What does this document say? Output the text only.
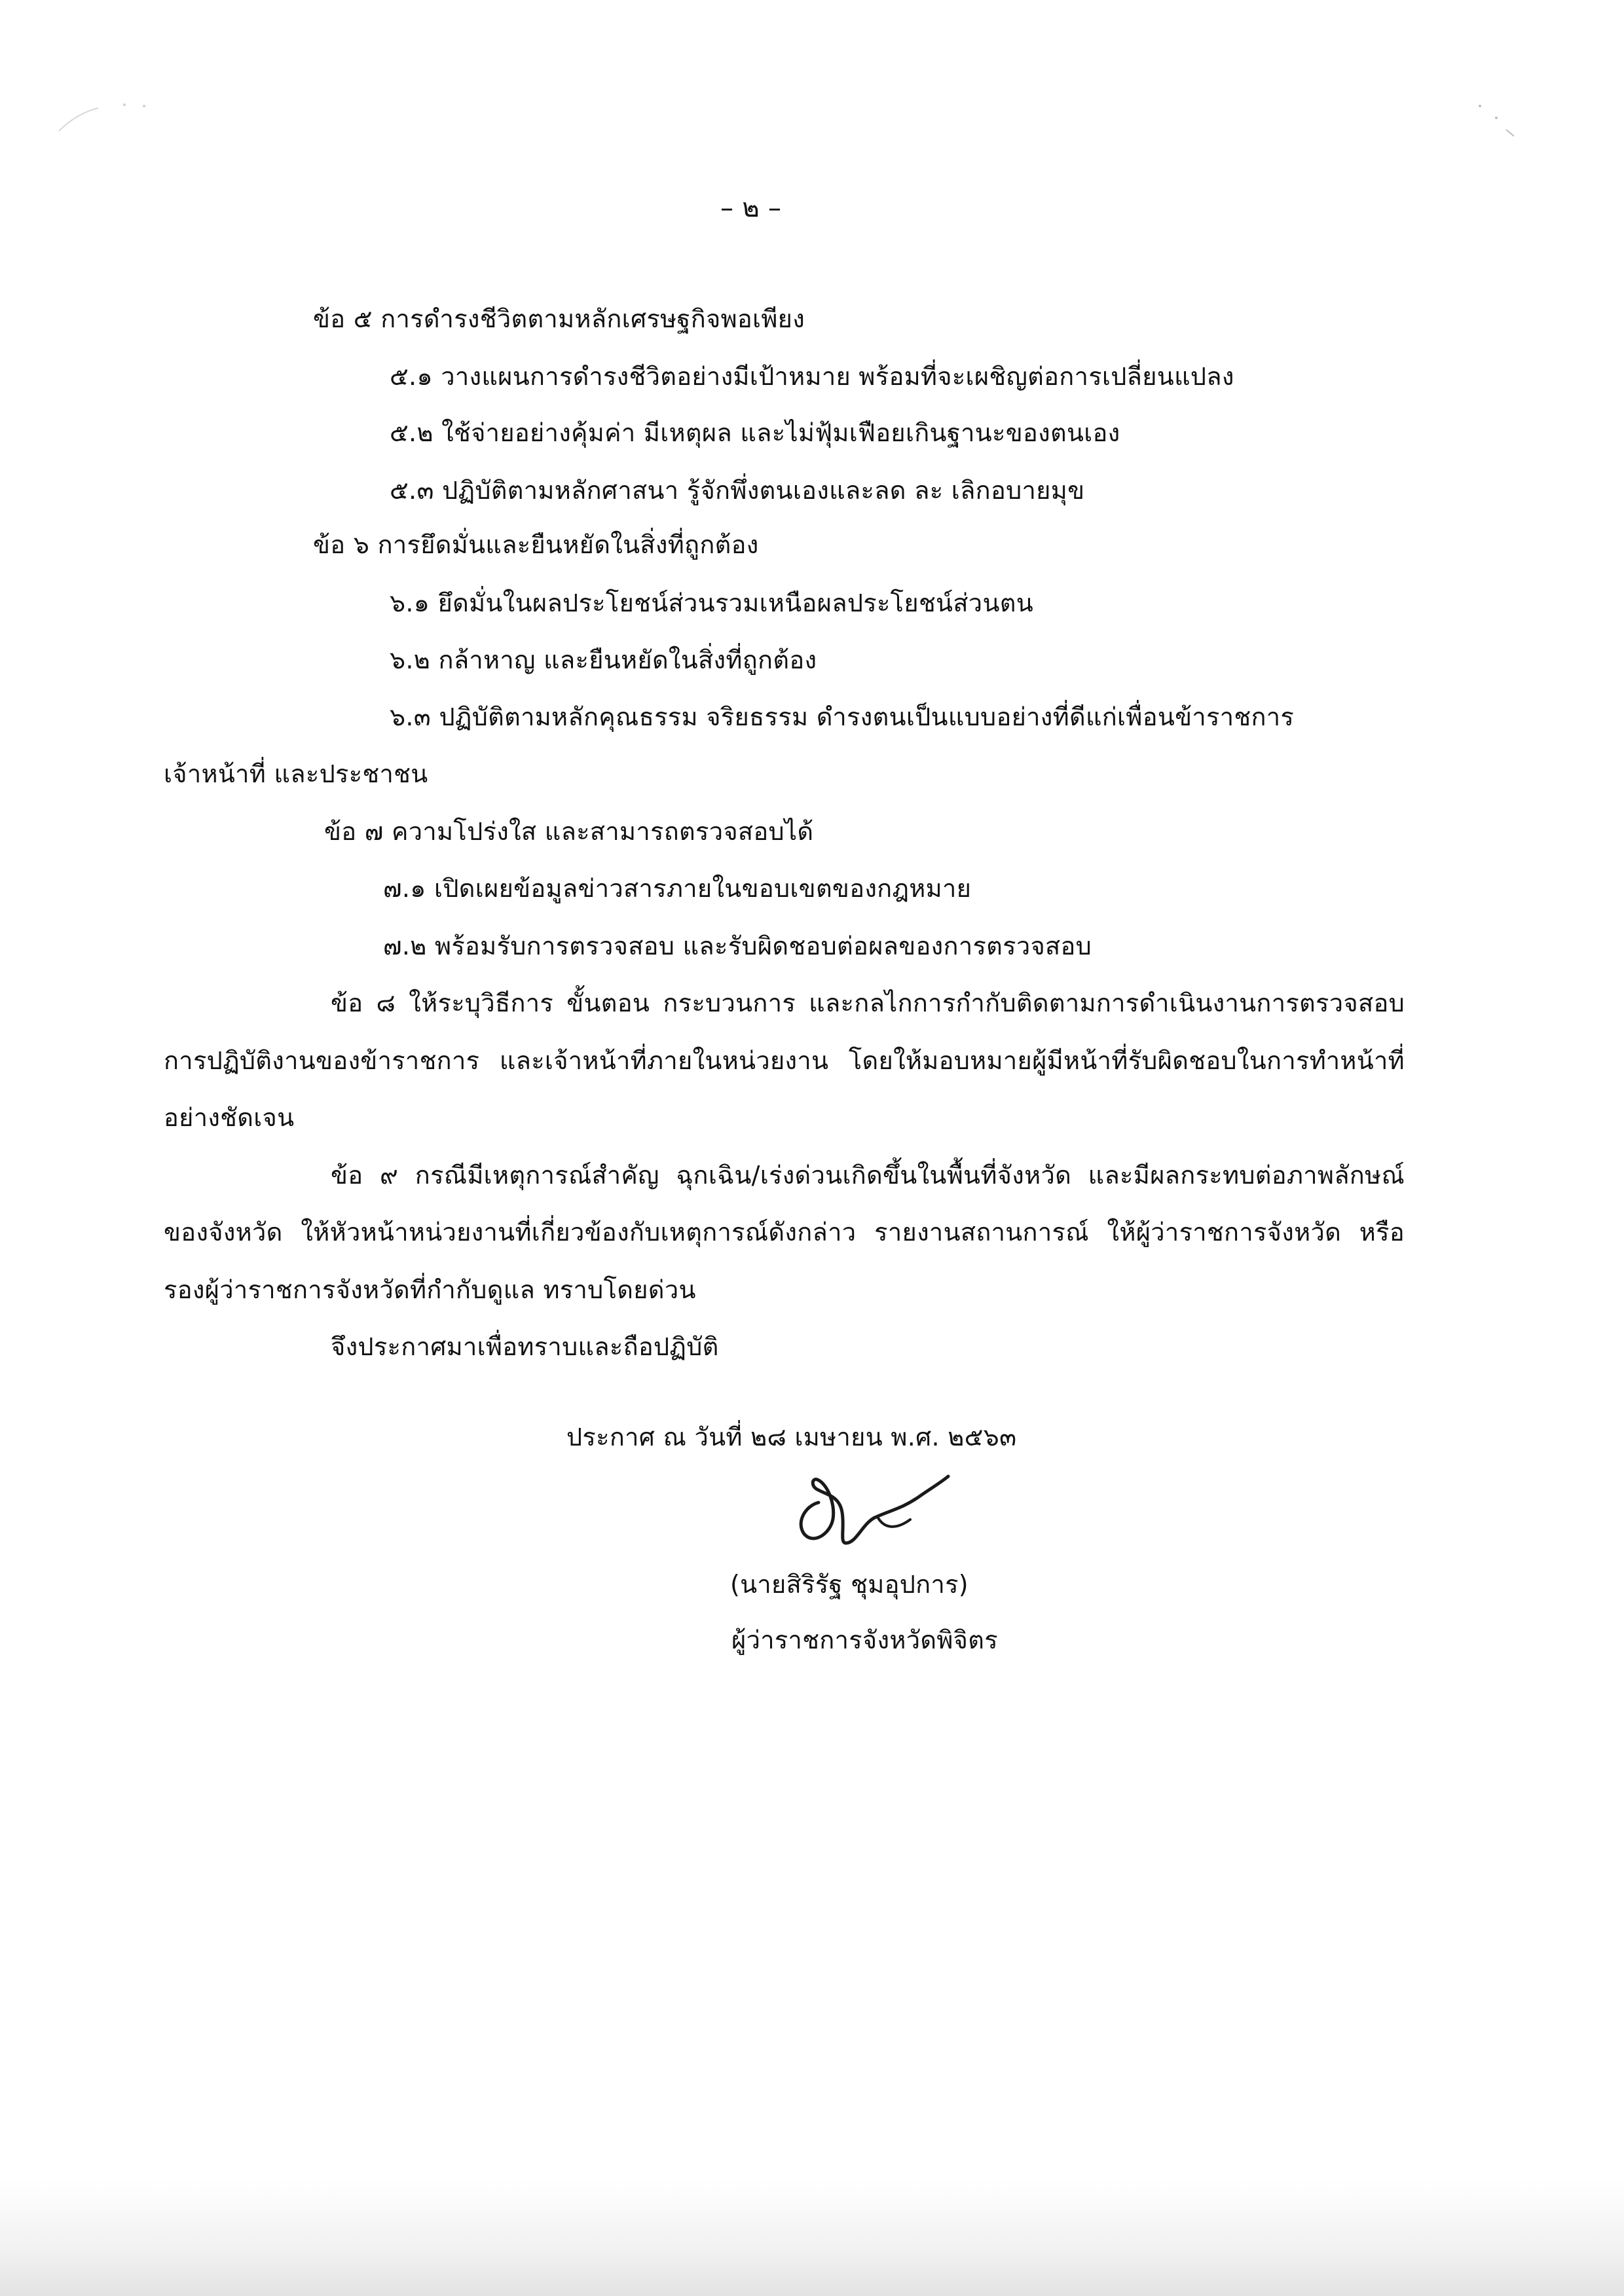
– ๒ –
ข้อ ๕ การดำรงชีวิตตามหลักเศรษฐกิจพอเพียง
๕.๑ วางแผนการดำรงชีวิตอย่างมีเป้าหมาย พร้อมที่จะเผชิญต่อการเปลี่ยนแปลง
๕.๒ ใช้จ่ายอย่างคุ้มค่า มีเหตุผล และไม่ฟุ้มเฟือยเกินฐานะของตนเอง
๕.๓ ปฏิบัติตามหลักศาสนา รู้จักพึ่งตนเองและลด ละ เลิกอบายมุข
ข้อ ๖ การยึดมั่นและยืนหยัดในสิ่งที่ถูกต้อง
๖.๑ ยึดมั่นในผลประโยชน์ส่วนรวมเหนือผลประโยชน์ส่วนตน
๖.๒ กล้าหาญ และยืนหยัดในสิ่งที่ถูกต้อง
๖.๓ ปฏิบัติตามหลักคุณธรรม จริยธรรม ดำรงตนเป็นแบบอย่างที่ดีแก่เพื่อนข้าราชการ
เจ้าหน้าที่ และประชาชน
ข้อ ๗ ความโปร่งใส และสามารถตรวจสอบได้
๗.๑ เปิดเผยข้อมูลข่าวสารภายในขอบเขตของกฎหมาย
๗.๒ พร้อมรับการตรวจสอบ และรับผิดชอบต่อผลของการตรวจสอบ
ข้อ ๘ ให้ระบุวิธีการ ขั้นตอน กระบวนการ และกลไกการกำกับติดตามการดำเนินงานการตรวจสอบ
การปฏิบัติงานของข้าราชการ และเจ้าหน้าที่ภายในหน่วยงาน โดยให้มอบหมายผู้มีหน้าที่รับผิดชอบในการทำหน้าที่
อย่างชัดเจน
ข้อ ๙ กรณีมีเหตุการณ์สำคัญ ฉุกเฉิน/เร่งด่วนเกิดขึ้นในพื้นที่จังหวัด และมีผลกระทบต่อภาพลักษณ์
ของจังหวัด ให้หัวหน้าหน่วยงานที่เกี่ยวข้องกับเหตุการณ์ดังกล่าว รายงานสถานการณ์ ให้ผู้ว่าราชการจังหวัด หรือ
รองผู้ว่าราชการจังหวัดที่กำกับดูแล ทราบโดยด่วน
จึงประกาศมาเพื่อทราบและถือปฏิบัติ
ประกาศ ณ วันที่ ๒๘ เมษายน พ.ศ. ๒๕๖๓
(นายสิริรัฐ ชุมอุปการ)
ผู้ว่าราชการจังหวัดพิจิตร
